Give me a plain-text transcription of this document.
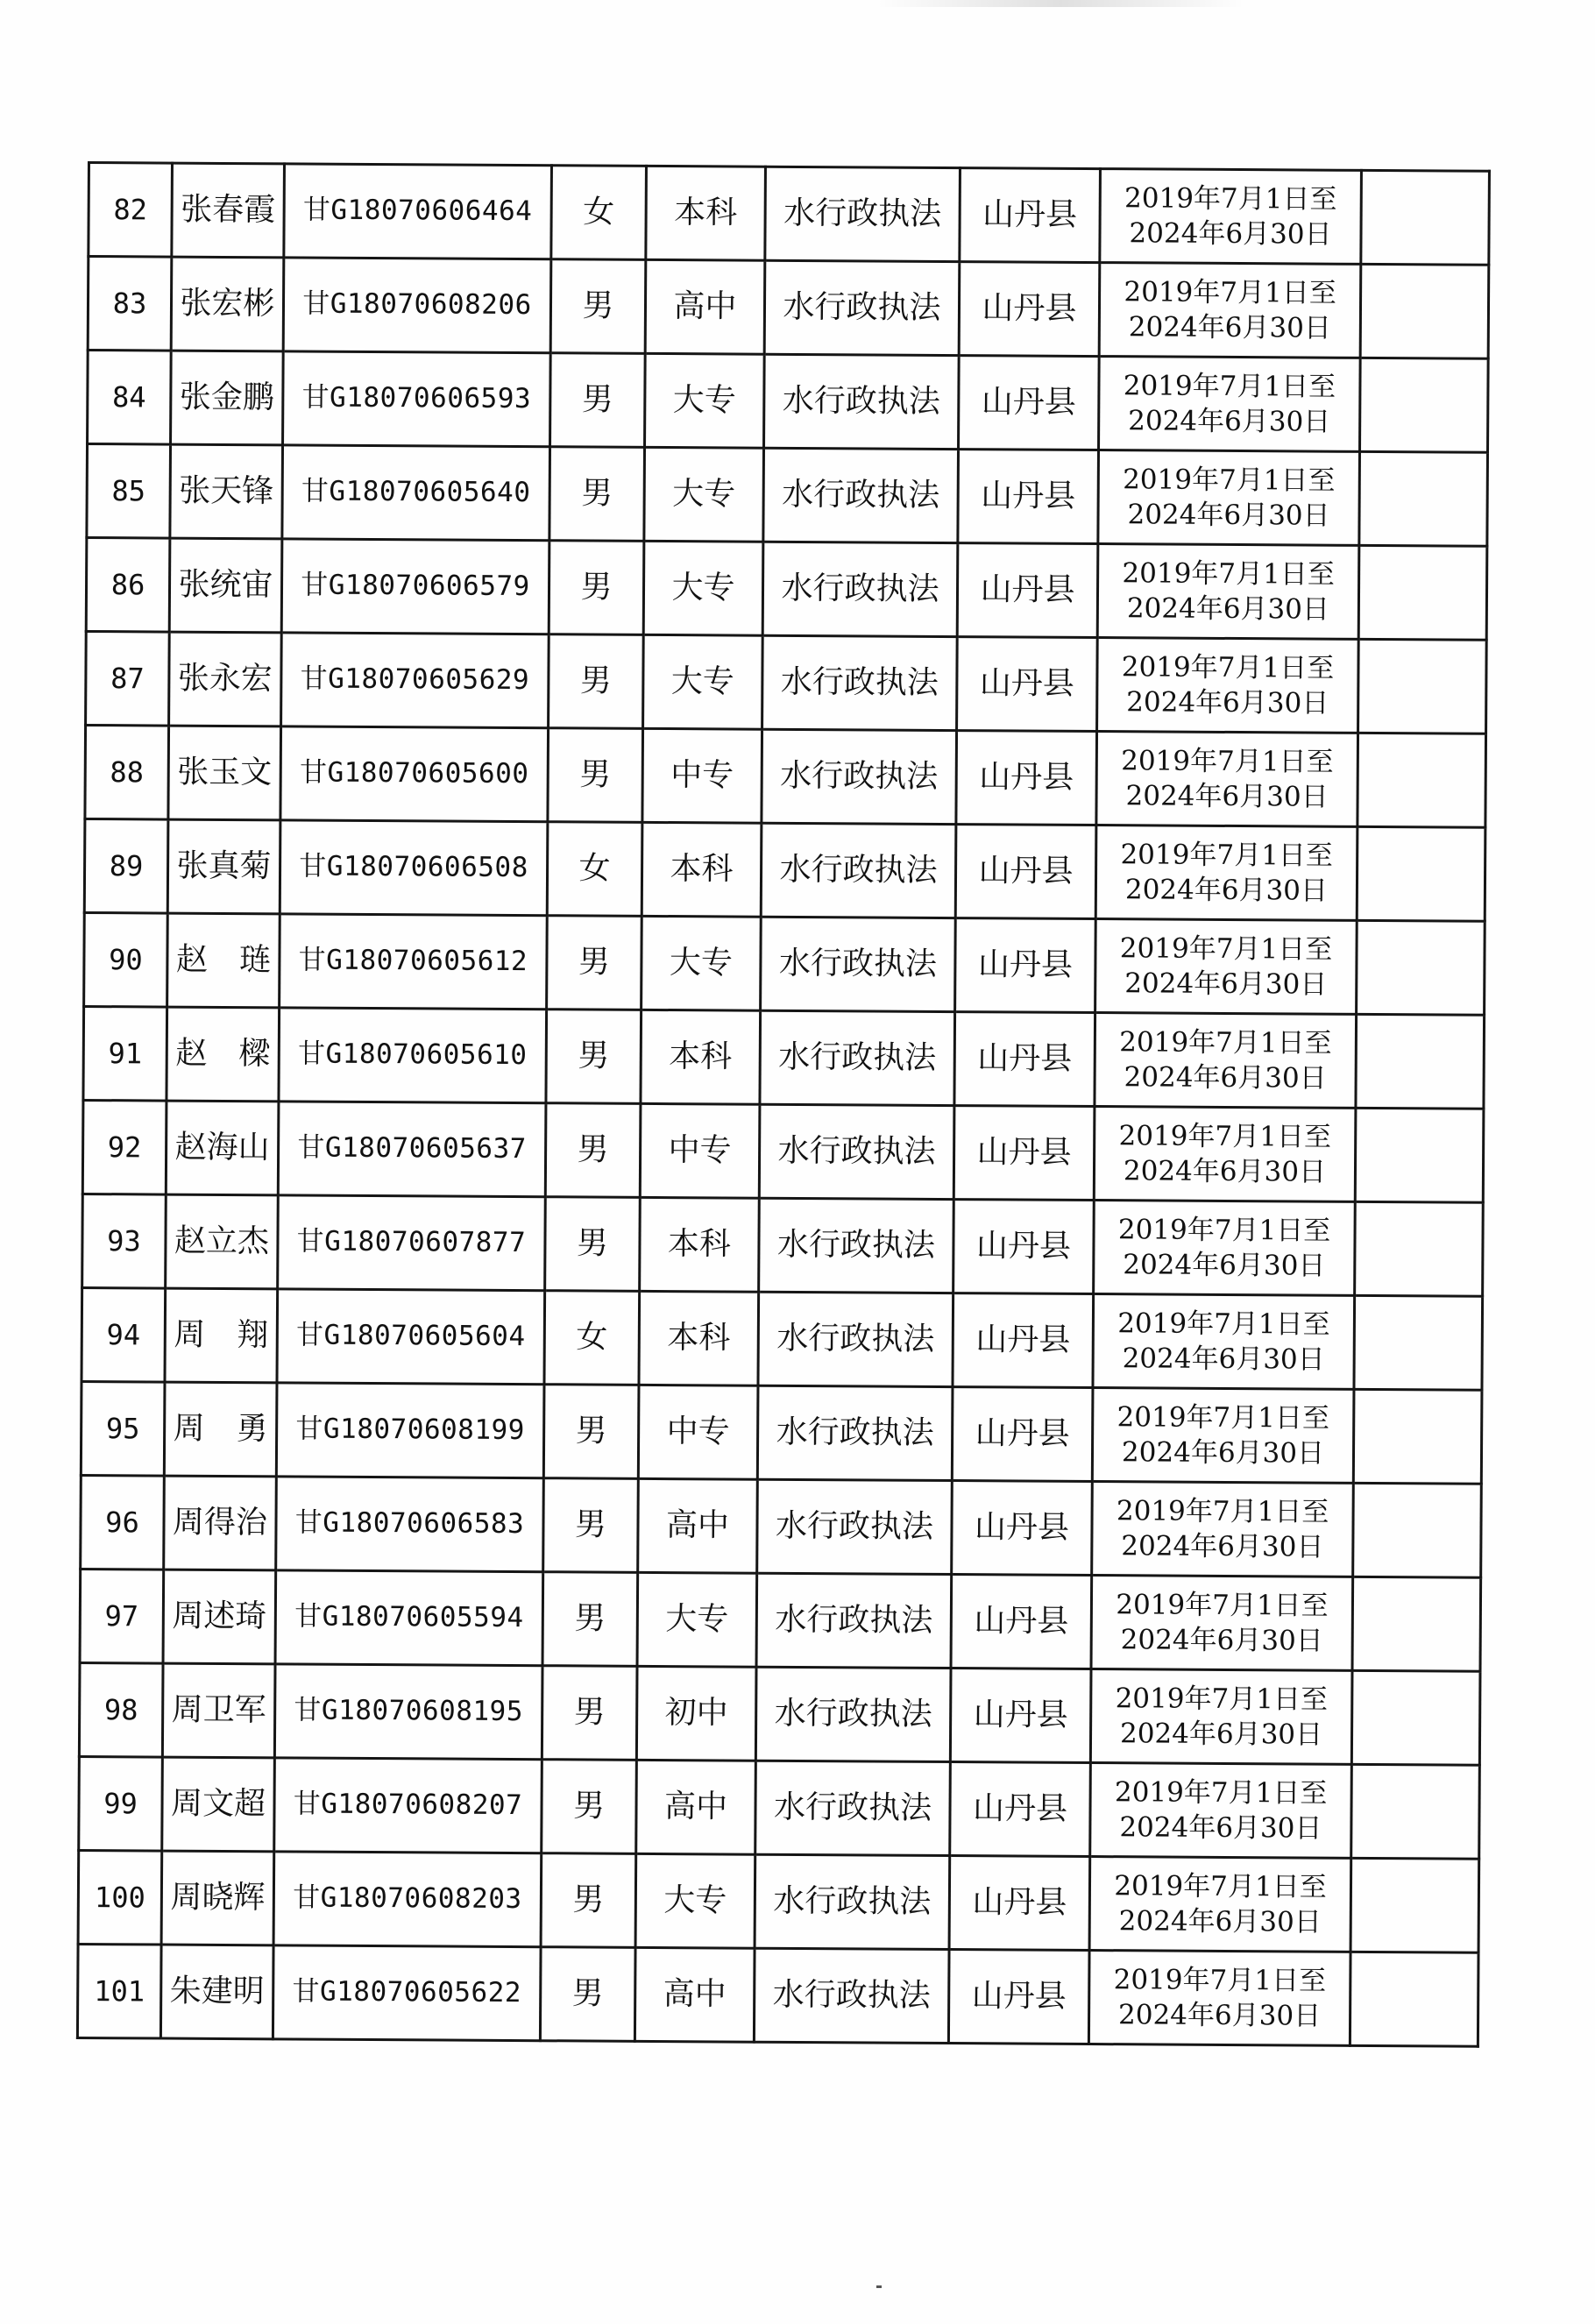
82	张春霞	甘G18070606464	女	本科	水行政执法	山丹县	2019年7月1日至
2024年6月30日	

83	张宏彬	甘G18070608206	男	高中	水行政执法	山丹县	2019年7月1日至
2024年6月30日	

84	张金鹏	甘G18070606593	男	大专	水行政执法	山丹县	2019年7月1日至
2024年6月30日	

85	张天锋	甘G18070605640	男	大专	水行政执法	山丹县	2019年7月1日至
2024年6月30日	

86	张统宙	甘G18070606579	男	大专	水行政执法	山丹县	2019年7月1日至
2024年6月30日	

87	张永宏	甘G18070605629	男	大专	水行政执法	山丹县	2019年7月1日至
2024年6月30日	

88	张玉文	甘G18070605600	男	中专	水行政执法	山丹县	2019年7月1日至
2024年6月30日	

89	张真菊	甘G18070606508	女	本科	水行政执法	山丹县	2019年7月1日至
2024年6月30日	

90	赵　琏	甘G18070605612	男	大专	水行政执法	山丹县	2019年7月1日至
2024年6月30日	

91	赵　樑	甘G18070605610	男	本科	水行政执法	山丹县	2019年7月1日至
2024年6月30日	

92	赵海山	甘G18070605637	男	中专	水行政执法	山丹县	2019年7月1日至
2024年6月30日	

93	赵立杰	甘G18070607877	男	本科	水行政执法	山丹县	2019年7月1日至
2024年6月30日	

94	周　翔	甘G18070605604	女	本科	水行政执法	山丹县	2019年7月1日至
2024年6月30日	

95	周　勇	甘G18070608199	男	中专	水行政执法	山丹县	2019年7月1日至
2024年6月30日	

96	周得治	甘G18070606583	男	高中	水行政执法	山丹县	2019年7月1日至
2024年6月30日	

97	周述琦	甘G18070605594	男	大专	水行政执法	山丹县	2019年7月1日至
2024年6月30日	

98	周卫军	甘G18070608195	男	初中	水行政执法	山丹县	2019年7月1日至
2024年6月30日	

99	周文超	甘G18070608207	男	高中	水行政执法	山丹县	2019年7月1日至
2024年6月30日	

100	周晓辉	甘G18070608203	男	大专	水行政执法	山丹县	2019年7月1日至
2024年6月30日	

101	朱建明	甘G18070605622	男	高中	水行政执法	山丹县	2019年7月1日至
2024年6月30日	
